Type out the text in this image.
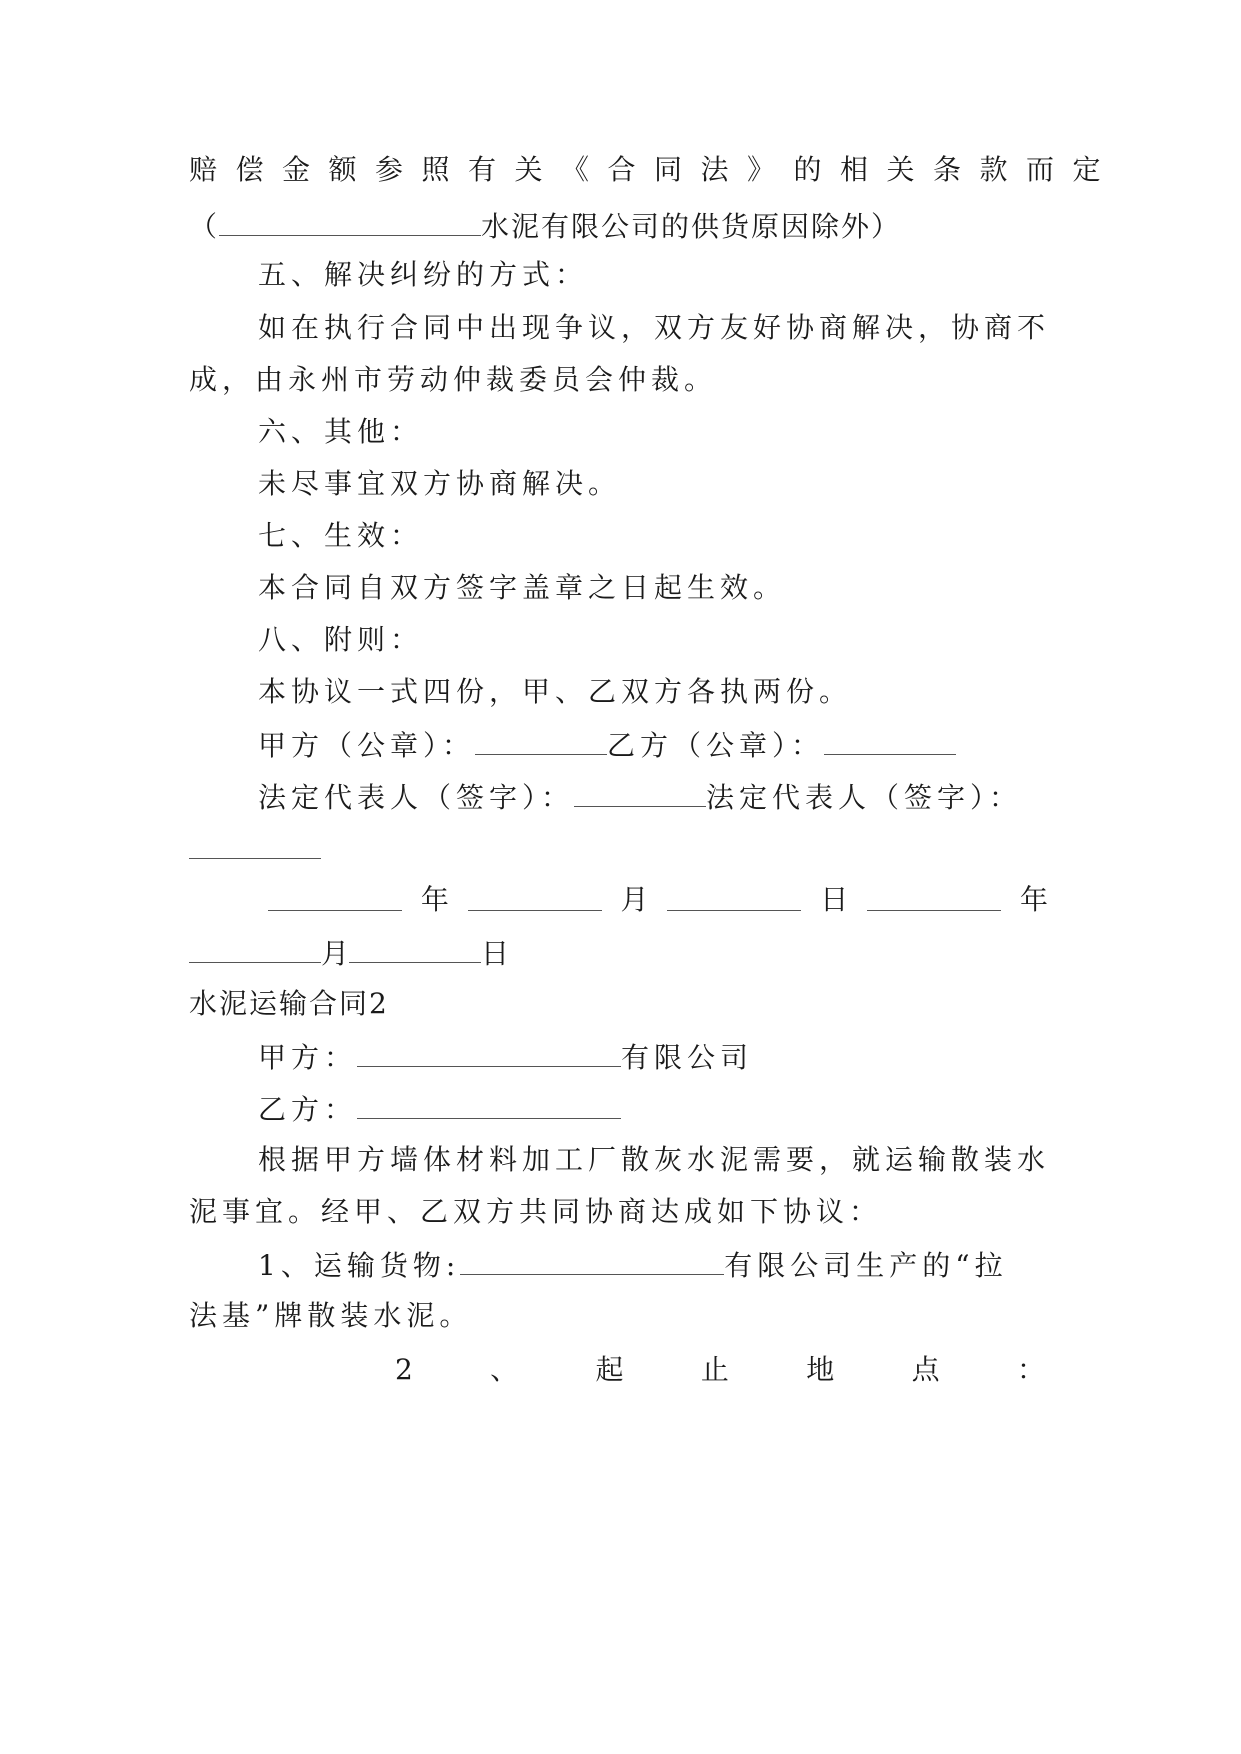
赔偿金额参照有关《合同法》的相关条款而定

（	水泥有限公司的供货原因除外）

五、解决纠纷的方式：

如在执行合同中出现争议，双方友好协商解决，协商不

成，由永州市劳动仲裁委员会仲裁。

六、其他：

未尽事宜双方协商解决。

七、生效：

本合同自双方签字盖章之日起生效。

八、附则：

本协议一式四份，甲、乙双方各执两份。

甲方（公章）：	乙方（公章）：

法定代表人（签字）：	法定代表人（签字）：

年	月	日	年

月	日

水泥运输合同2

甲方：	有限公司

乙方：

根据甲方墙体材料加工厂散灰水泥需要，就运输散装水

泥事宜。经甲、乙双方共同协商达成如下协议：

1、运输货物:	有限公司生产的“拉

法基”牌散装水泥。

2	、	起	止	地	点	：
